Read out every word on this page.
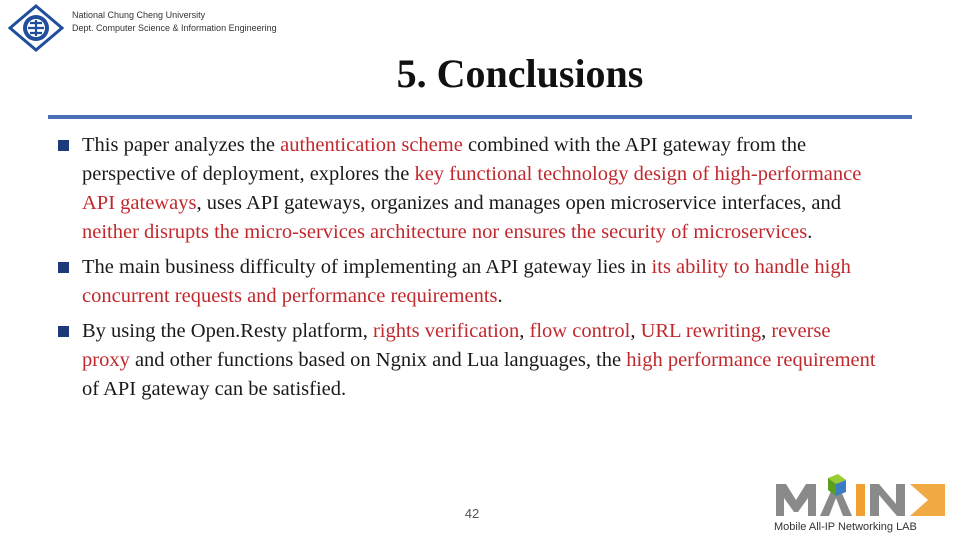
National Chung Cheng University
Dept. Computer Science & Information Engineering
5. Conclusions
This paper analyzes the authentication scheme combined with the API gateway from the perspective of deployment, explores the key functional technology design of high-performance API gateways, uses API gateways, organizes and manages open microservice interfaces, and neither disrupts the micro-services architecture nor ensures the security of microservices.
The main business difficulty of implementing an API gateway lies in its ability to handle high concurrent requests and performance requirements.
By using the Open.Resty platform, rights verification, flow control, URL rewriting, reverse proxy and other functions based on Ngnix and Lua languages, the high performance requirement of API gateway can be satisfied.
42
Mobile All-IP Networking LAB
